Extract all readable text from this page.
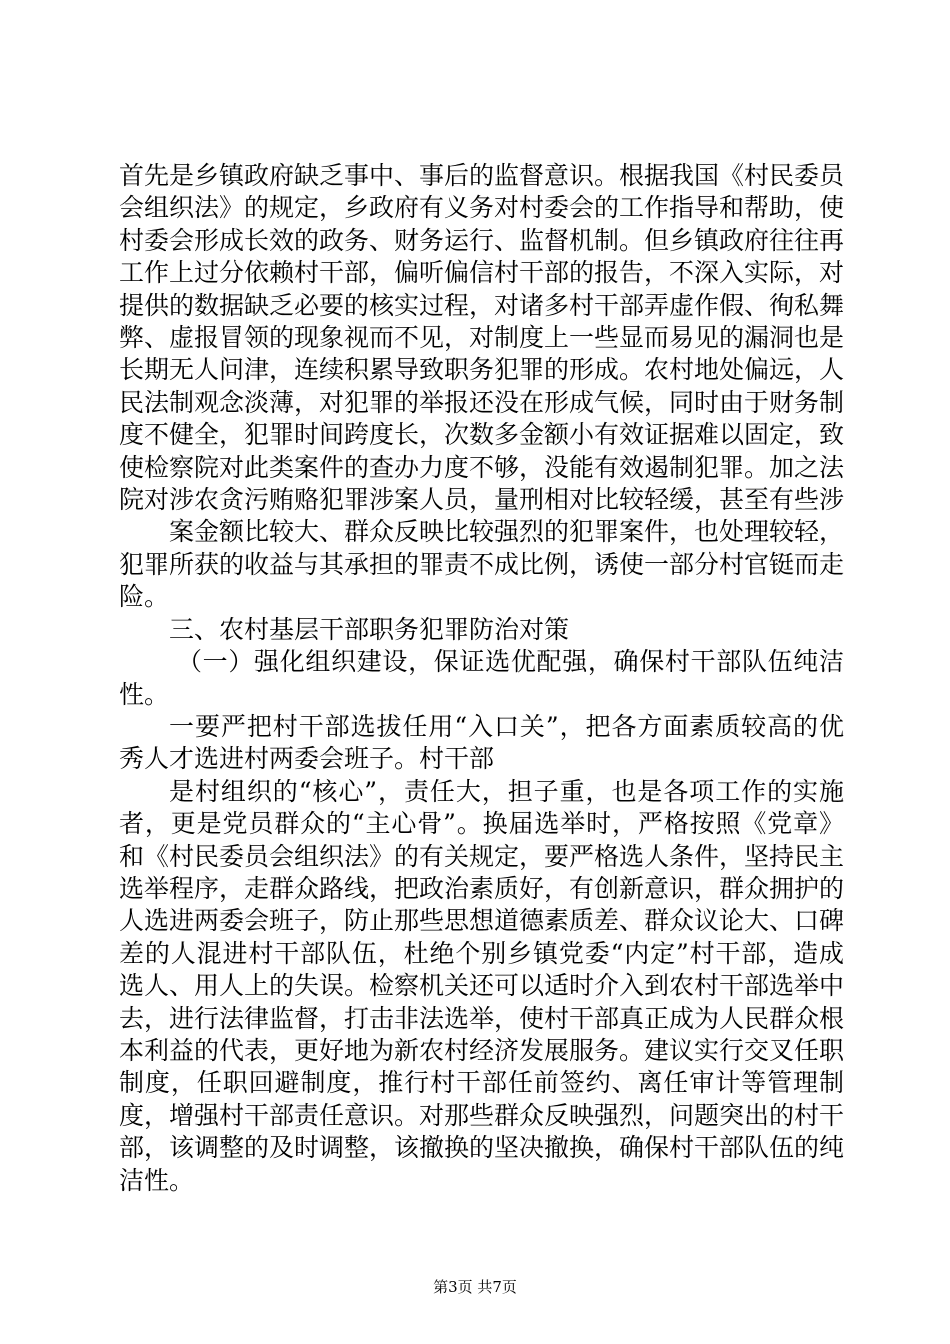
首先是乡镇政府缺乏事中、事后的监督意识。根据我国《村民委员会组织法》的规定，乡政府有义务对村委会的工作指导和帮助，使村委会形成长效的政务、财务运行、监督机制。但乡镇政府往往再工作上过分依赖村干部，偏听偏信村干部的报告，不深入实际，对提供的数据缺乏必要的核实过程，对诸多村干部弄虚作假、徇私舞弊、虚报冒领的现象视而不见，对制度上一些显而易见的漏洞也是长期无人问津，连续积累导致职务犯罪的形成。农村地处偏远，人民法制观念淡薄，对犯罪的举报还没在形成气候，同时由于财务制度不健全，犯罪时间跨度长，次数多金额小有效证据难以固定，致使检察院对此类案件的查办力度不够，没能有效遏制犯罪。加之法院对涉农贪污贿赂犯罪涉案人员，量刑相对比较轻缓，甚至有些涉

案金额比较大、群众反映比较强烈的犯罪案件，也处理较轻，犯罪所获的收益与其承担的罪责不成比例，诱使一部分村官铤而走险。

三、农村基层干部职务犯罪防治对策

（一）强化组织建设，保证选优配强，确保村干部队伍纯洁性。

一要严把村干部选拔任用“入口关”，把各方面素质较高的优秀人才选进村两委会班子。村干部

是村组织的“核心”，责任大，担子重，也是各项工作的实施者，更是党员群众的“主心骨”。换届选举时，严格按照《党章》和《村民委员会组织法》的有关规定，要严格选人条件，坚持民主选举程序，走群众路线，把政治素质好，有创新意识，群众拥护的人选进两委会班子，防止那些思想道德素质差、群众议论大、口碑差的人混进村干部队伍，杜绝个别乡镇党委“内定”村干部，造成选人、用人上的失误。检察机关还可以适时介入到农村干部选举中去，进行法律监督，打击非法选举，使村干部真正成为人民群众根本利益的代表，更好地为新农村经济发展服务。建议实行交叉任职制度，任职回避制度，推行村干部任前签约、离任审计等管理制度，增强村干部责任意识。对那些群众反映强烈，问题突出的村干部，该调整的及时调整，该撤换的坚决撤换，确保村干部队伍的纯洁性。

第3页 共7页
